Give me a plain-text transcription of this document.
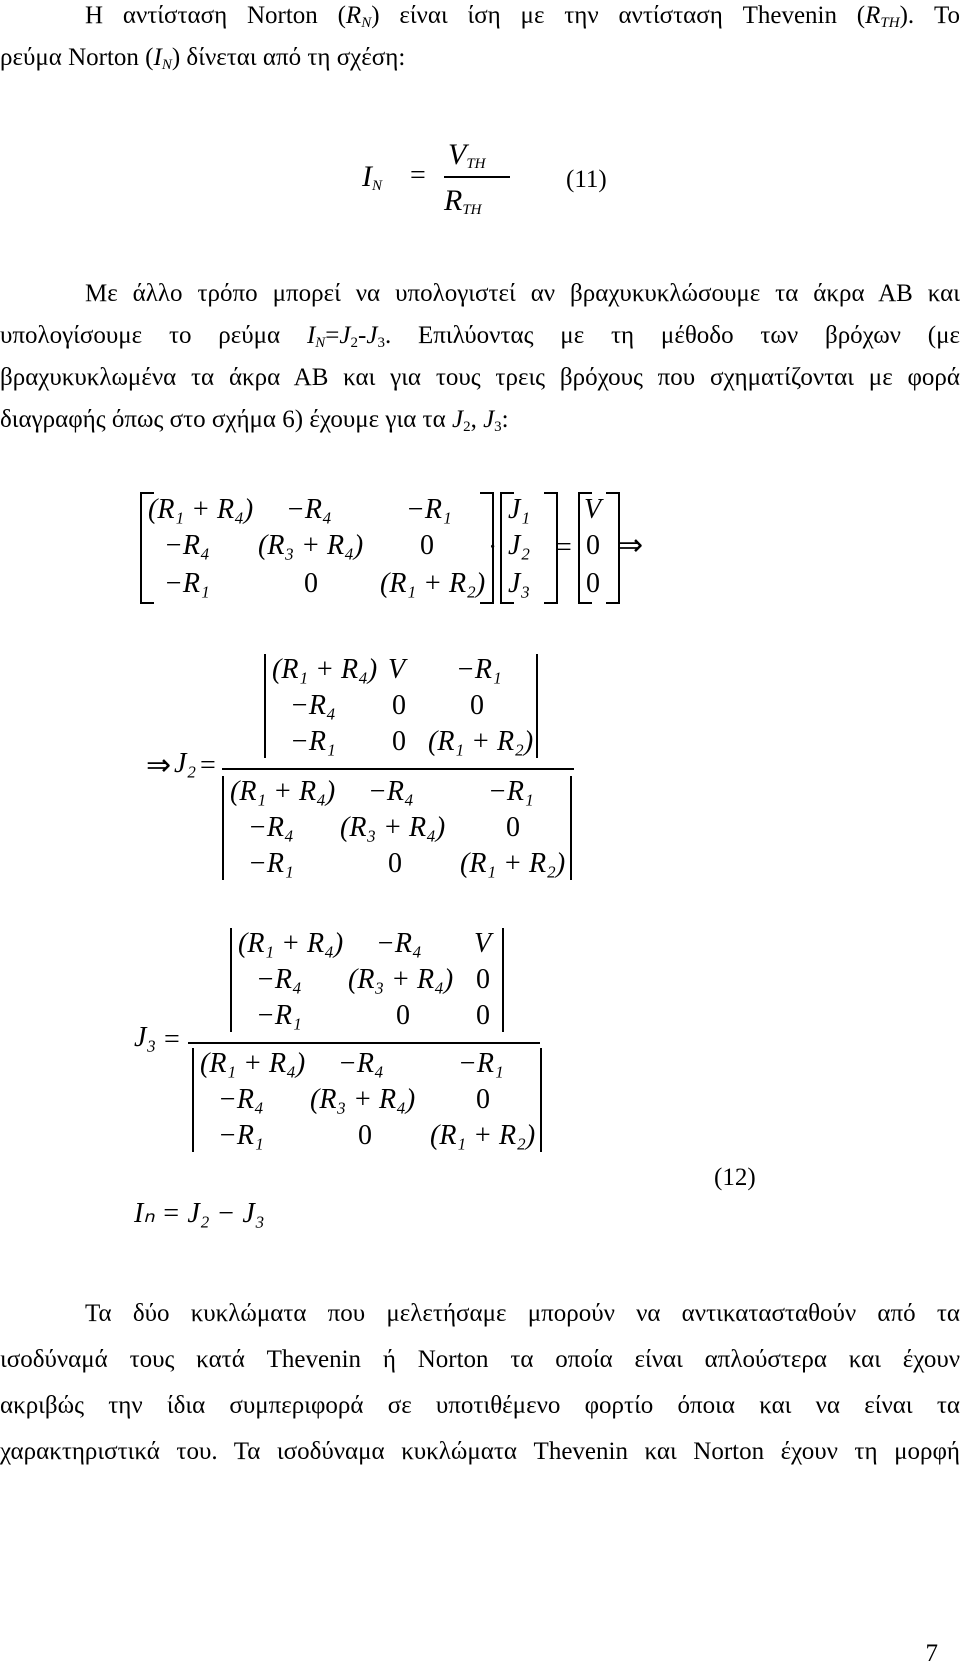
Η αντίσταση Norton $(R_N)$ είναι ίση με την αντίσταση Thevenin $(R_{TH})$. Το
ρεύμα Norton $(I_N)$ δίνεται από τη σχέση:
$I_N$ =
$V_{TH}$
$R_{TH}$
(11)
Με άλλο τρόπο μπορεί να υπολογιστεί αν βραχυκυκλώσουμε τα άκρα ΑΒ και
υπολογίσουμε το ρεύμα $I_N=J_2-J_3$. Επιλύοντας με τη μέθοδο των βρόχων (με
βραχυκυκλωμένα τα άκρα ΑΒ και για τους τρεις βρόχους που σχηματίζονται με φορά
διαγραφής όπως στο σχήμα 6) έχουμε για τα $J_2$, $J_3$:
(R₁ + R₄) −R₄	−R₁
−R₄ (R₃ + R₄) 0
−R₁	0 (R₁ + R₂)
J₁
J₂
J₃
· =
V
0
0
⇒
⇒ J₂ =
(R₁ + R₄) V −R₁
−R₄ 0 0
−R₁ 0 (R₁ + R₂)
(R₁ + R₄) −R₄	−R₁
−R₄ (R₃ + R₄) 0
−R₁	0 (R₁ + R₂)
J₃ =
(R₁ + R₄) −R₄ V
−R₄ (R₃ + R₄) 0
−R₁	0 0
(R₁ + R₄) −R₄	−R₁
−R₄ (R₃ + R₄) 0
−R₁	0 (R₁ + R₂)
Iₙ = J₂ − J₃
(12)
Τα δύο κυκλώματα που μελετήσαμε μπορούν να αντικατασταθούν από τα
ισοδύναμά τους κατά Thevenin ή Norton τα οποία είναι απλούστερα και έχουν
ακριβώς την ίδια συμπεριφορά σε υποτιθέμενο φορτίο όποια και να είναι τα
χαρακτηριστικά του. Τα ισοδύναμα κυκλώματα Thevenin και Norton έχουν τη μορφή
7
